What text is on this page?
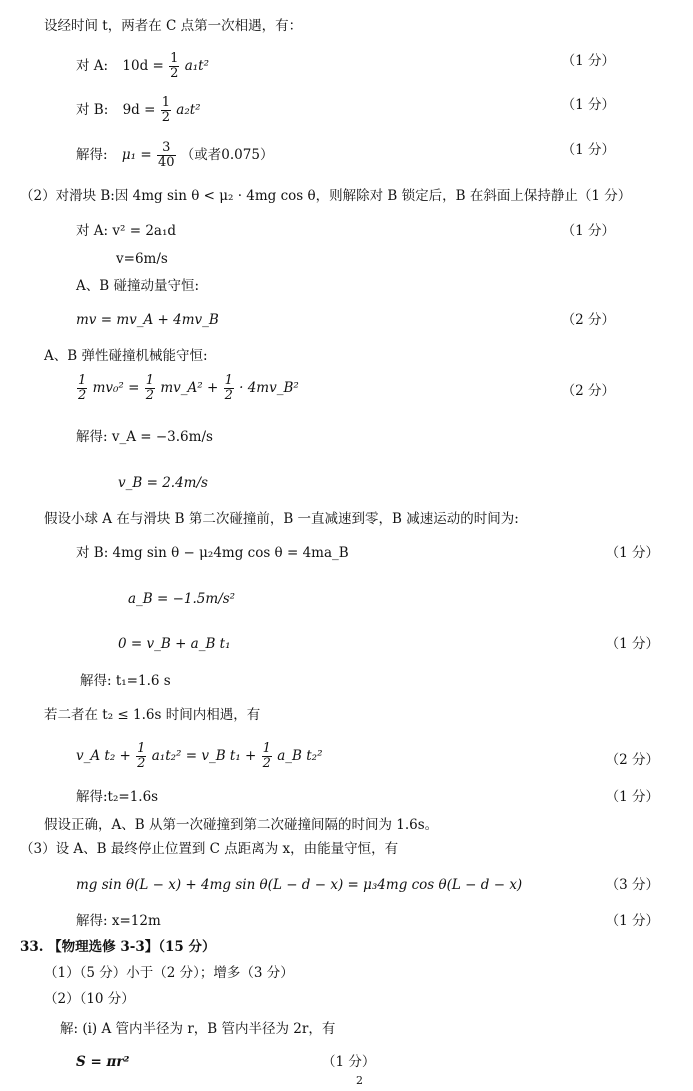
设经时间 t，两者在 C 点第一次相遇，有：
对 A: $10d = \frac{1}{2} a_1t^2$	（1 分）
对 B: $9d = \frac{1}{2} a_2t^2$	（1 分）
解得: $\mu_1 = \frac{3}{40}$ （或者0.075）	（1 分）
（2）对滑块 B:因 4mg sin θ < μ₂ · 4mg cos θ，则解除对 B 锁定后，B 在斜面上保持静止（1 分）
对 A: v² = 2a₁d	（1 分）
v=6m/s
A、B 碰撞动量守恒:
mv = mv_A + 4mv_B	（2 分）
A、B 弹性碰撞机械能守恒:
$\frac{1}{2} mv_0^2 = \frac{1}{2}$ mv_A² + $\frac{1}{2}$ · 4mv_B²	（2 分）
解得: v_A = −3.6m/s
v_B = 2.4m/s
假设小球 A 在与滑块 B 第二次碰撞前，B 一直减速到零，B 减速运动的时间为:
对 B: 4mg sin θ − μ₂4mg cos θ = 4ma_B	（1 分）
a_B = −1.5m/s²
0 = v_B + a_B t₁	（1 分）
解得: t₁=1.6 s
若二者在 t₂ ≤ 1.6s 时间内相遇，有
v_A $t_2 + \frac{1}{2} a_1t_2^2$ = v_B $t_1 + \frac{1}{2}$ a_B t₂²	（2 分）
解得:t₂=1.6s	（1 分）
假设正确，A、B 从第一次碰撞到第二次碰撞间隔的时间为 1.6s。
（3）设 A、B 最终停止位置到 C 点距离为 x，由能量守恒，有
mg sin θ(L − x) + 4mg sin θ(L − d − x) = μ₃4mg cos θ(L − d − x)	（3 分）
解得: x=12m	（1 分）
33. 【物理选修 3-3】（15 分）
（1）（5 分）小于（2 分）；增多（3 分）
（2）（10 分）
解: (i) A 管内半径为 r，B 管内半径为 2r，有
S = πr²	（1 分）
2
